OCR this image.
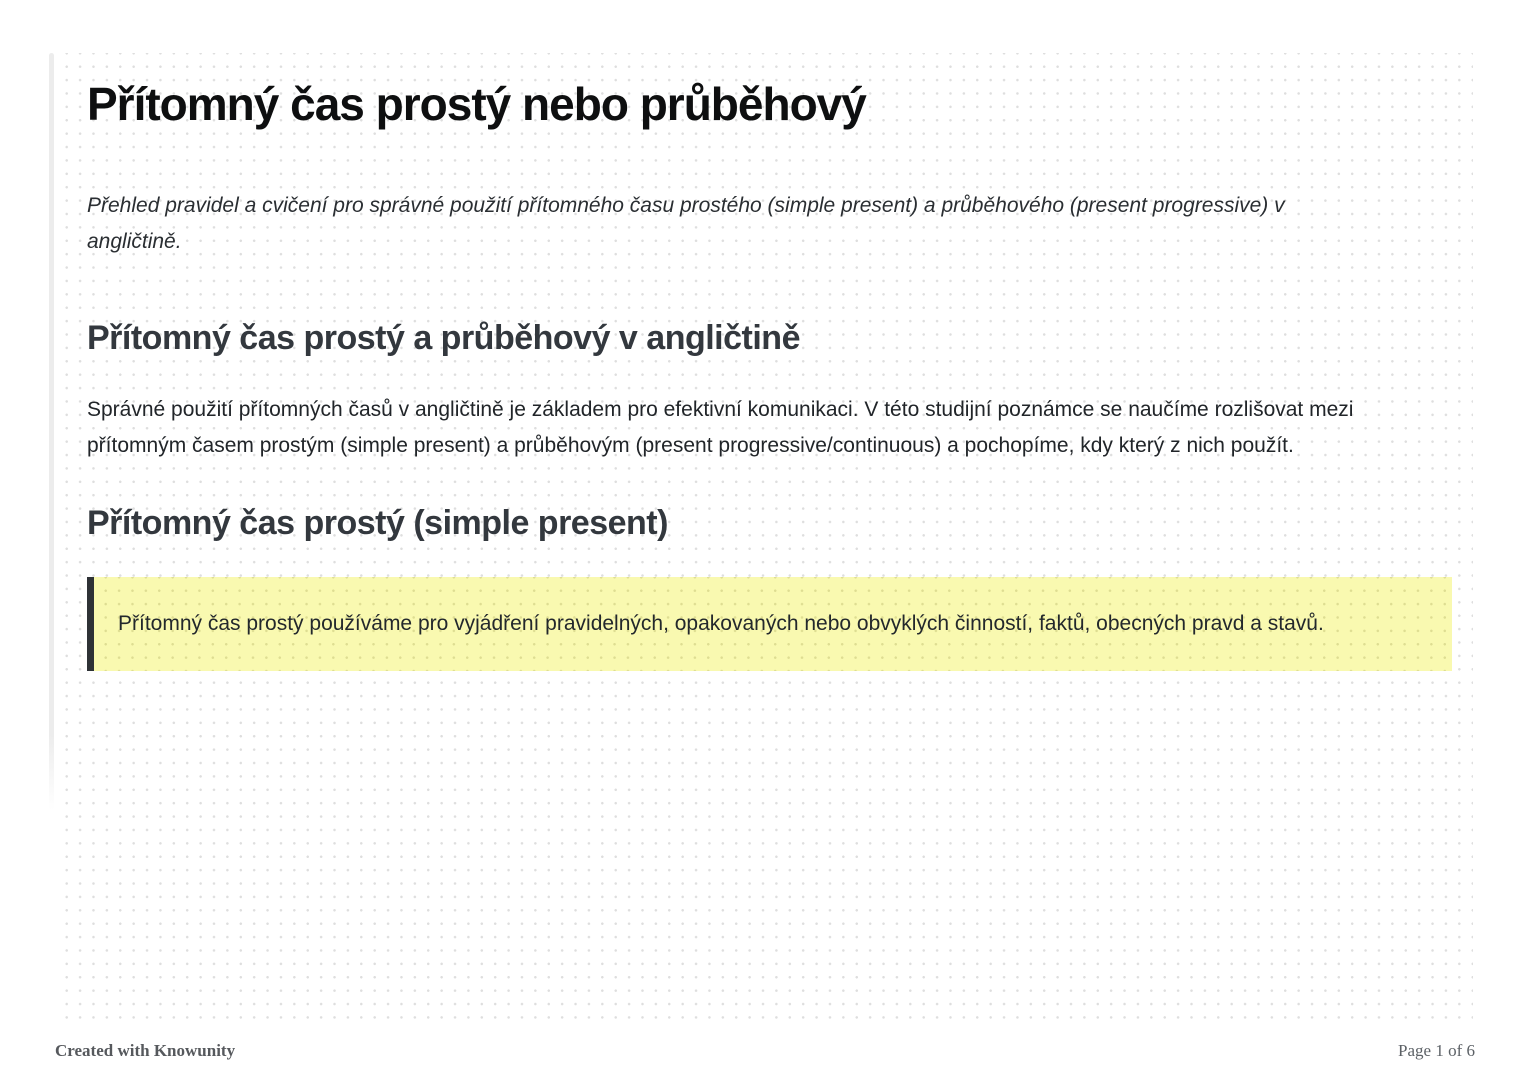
Přítomný čas prostý nebo průběhový

Přehled pravidel a cvičení pro správné použití přítomného času prostého (simple present) a průběhového (present progressive) v angličtině.

Přítomný čas prostý a průběhový v angličtině

Správné použití přítomných časů v angličtině je základem pro efektivní komunikaci. V této studijní poznámce se naučíme rozlišovat mezi přítomným časem prostým (simple present) a průběhovým (present progressive/continuous) a pochopíme, kdy který z nich použít.

Přítomný čas prostý (simple present)

Přítomný čas prostý používáme pro vyjádření pravidelných, opakovaných nebo obvyklých činností, faktů, obecných pravd a stavů.

Created with Knowunity	Page 1 of 6
